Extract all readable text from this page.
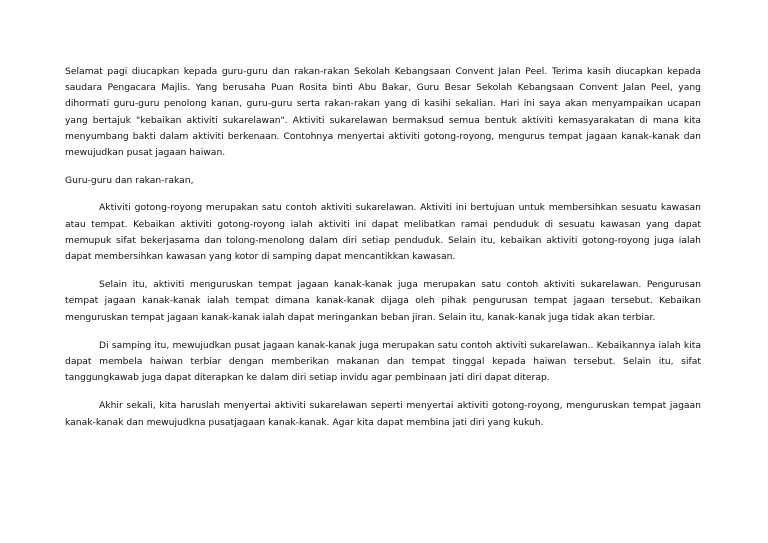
Selamat pagi diucapkan kepada guru-guru dan rakan-rakan Sekolah Kebangsaan Convent Jalan Peel. Terima kasih diucapkan kepada saudara Pengacara Majlis. Yang berusaha Puan Rosita binti Abu Bakar, Guru Besar Sekolah Kebangsaan Convent Jalan Peel, yang dihormati guru-guru penolong kanan, guru-guru serta rakan-rakan yang di kasihi sekalian. Hari ini saya akan menyampaikan ucapan yang bertajuk "kebaikan aktiviti sukarelawan". Aktiviti sukarelawan bermaksud semua bentuk aktiviti kemasyarakatan di mana kita menyumbang bakti dalam aktiviti berkenaan. Contohnya menyertai aktiviti gotong-royong, mengurus tempat jagaan kanak-kanak dan mewujudkan pusat jagaan haiwan.

Guru-guru dan rakan-rakan,

Aktiviti gotong-royong merupakan satu contoh aktiviti sukarelawan. Aktiviti ini bertujuan untuk membersihkan sesuatu kawasan atau tempat. Kebaikan aktiviti gotong-royong ialah aktiviti ini dapat melibatkan ramai penduduk di sesuatu kawasan yang dapat memupuk sifat bekerjasama dan tolong-menolong dalam diri setiap penduduk. Selain itu, kebaikan aktiviti gotong-royong juga ialah dapat membersihkan kawasan yang kotor di samping dapat mencantikkan kawasan.

Selain itu, aktiviti menguruskan tempat jagaan kanak-kanak juga merupakan satu contoh aktiviti sukarelawan. Pengurusan tempat jagaan kanak-kanak ialah tempat dimana kanak-kanak dijaga oleh pihak pengurusan tempat jagaan tersebut. Kebaikan menguruskan tempat jagaan kanak-kanak ialah dapat meringankan beban jiran. Selain itu, kanak-kanak juga tidak akan terbiar.

Di samping itu, mewujudkan pusat jagaan kanak-kanak juga merupakan satu contoh aktiviti sukarelawan.. Kebaikannya ialah kita dapat membela haiwan terbiar dengan memberikan makanan dan tempat tinggal kepada haiwan tersebut. Selain itu, sifat tanggungkawab juga dapat diterapkan ke dalam diri setiap invidu agar pembinaan jati diri dapat diterap.

Akhir sekali, kita haruslah menyertai aktiviti sukarelawan seperti menyertai aktiviti gotong-royong, menguruskan tempat jagaan kanak-kanak dan mewujudkna pusatjagaan kanak-kanak. Agar kita dapat membina jati diri yang kukuh.
